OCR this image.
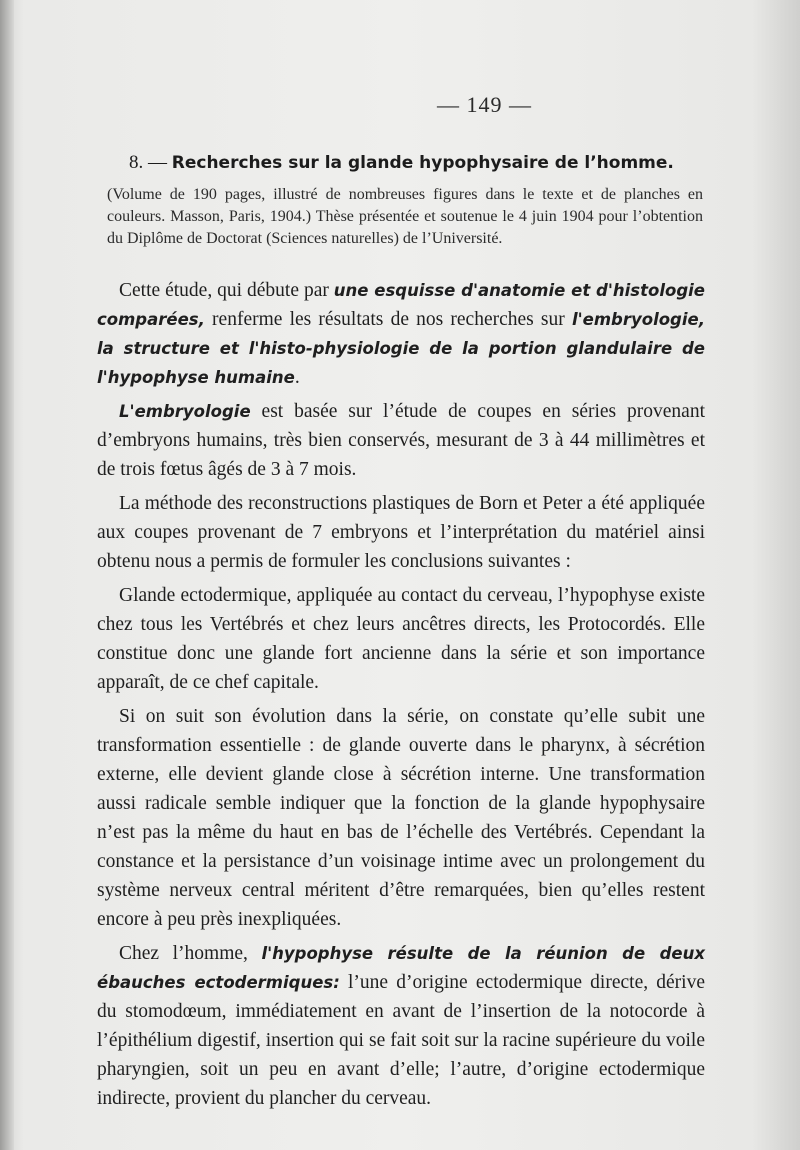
— 149 —
8. — Recherches sur la glande hypophysaire de l’homme.
(Volume de 190 pages, illustré de nombreuses figures dans le texte et de planches en couleurs. Masson, Paris, 1904.) Thèse présentée et soutenue le 4 juin 1904 pour l’obtention du Diplôme de Doctorat (Sciences naturelles) de l’Université.

Cette étude, qui débute par une esquisse d'anatomie et d'histologie comparées, renferme les résultats de nos recherches sur l'embryologie, la structure et l'histo-physiologie de la portion glandulaire de l'hypophyse humaine.

L'embryologie est basée sur l’étude de coupes en séries provenant d’embryons humains, très bien conservés, mesurant de 3 à 44 millimètres et de trois fœtus âgés de 3 à 7 mois.

La méthode des reconstructions plastiques de Born et Peter a été appliquée aux coupes provenant de 7 embryons et l’interprétation du matériel ainsi obtenu nous a permis de formuler les conclusions suivantes :

Glande ectodermique, appliquée au contact du cerveau, l’hypophyse existe chez tous les Vertébrés et chez leurs ancêtres directs, les Protocordés. Elle constitue donc une glande fort ancienne dans la série et son importance apparaît, de ce chef capitale.

Si on suit son évolution dans la série, on constate qu’elle subit une transformation essentielle : de glande ouverte dans le pharynx, à sécrétion externe, elle devient glande close à sécrétion interne. Une transformation aussi radicale semble indiquer que la fonction de la glande hypophysaire n’est pas la même du haut en bas de l’échelle des Vertébrés. Cependant la constance et la persistance d’un voisinage intime avec un prolongement du système nerveux central méritent d’être remarquées, bien qu’elles restent encore à peu près inexpliquées.

Chez l’homme, l'hypophyse résulte de la réunion de deux ébauches ectodermiques: l’une d’origine ectodermique directe, dérive du stomodœum, immédiatement en avant de l’insertion de la notocorde à l’épithélium digestif, insertion qui se fait soit sur la racine supérieure du voile pharyngien, soit un peu en avant d’elle; l’autre, d’origine ectodermique indirecte, provient du plancher du cerveau.
